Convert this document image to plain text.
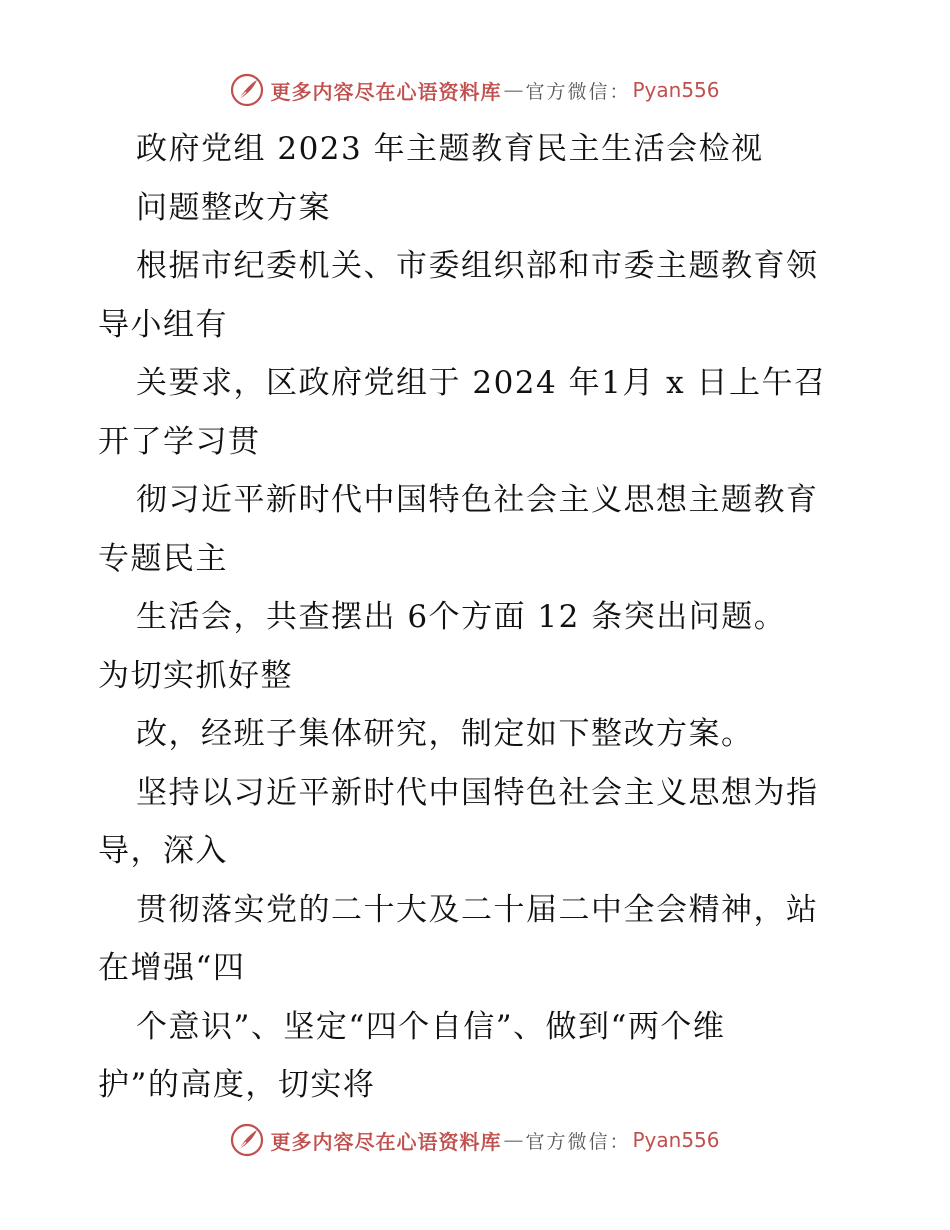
更多内容尽在心语资料库 — 官方微信： Pyan556
政府党组 2023 年主题教育民主生活会检视
问题整改方案
根据市纪委机关、市委组织部和市委主题教育领
导小组有
关要求，区政府党组于 2024 年1月 x 日上午召
开了学习贯
彻习近平新时代中国特色社会主义思想主题教育
专题民主
生活会，共查摆出 6个方面 12 条突出问题。
为切实抓好整
改，经班子集体研究，制定如下整改方案。
坚持以习近平新时代中国特色社会主义思想为指
导，深入
贯彻落实党的二十大及二十届二中全会精神，站
在增强“四
个意识”、坚定“四个自信”、做到“两个维
护”的高度，切实将
更多内容尽在心语资料库 — 官方微信： Pyan556
